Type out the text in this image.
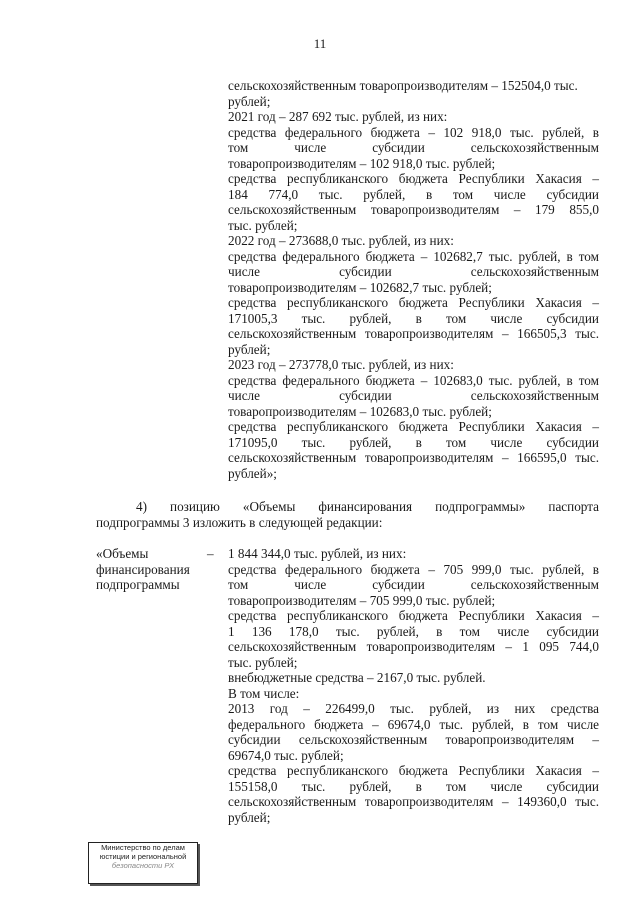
11
сельскохозяйственным товаропроизводителям – 152504,0 тыс.
рублей;
2021 год – 287 692 тыс. рублей, из них:
средства федерального бюджета – 102 918,0 тыс. рублей, в
том числе субсидии сельскохозяйственным
товаропроизводителям – 102 918,0 тыс. рублей;
средства республиканского бюджета Республики Хакасия –
184 774,0 тыс. рублей, в том числе субсидии
сельскохозяйственным товаропроизводителям – 179 855,0
тыс. рублей;
2022 год – 273688,0 тыс. рублей, из них:
средства федерального бюджета – 102682,7 тыс. рублей, в том
числе субсидии сельскохозяйственным
товаропроизводителям – 102682,7 тыс. рублей;
средства республиканского бюджета Республики Хакасия –
171005,3 тыс. рублей, в том числе субсидии
сельскохозяйственным товаропроизводителям – 166505,3 тыс.
рублей;
2023 год – 273778,0 тыс. рублей, из них:
средства федерального бюджета – 102683,0 тыс. рублей, в том
числе субсидии сельскохозяйственным
товаропроизводителям – 102683,0 тыс. рублей;
средства республиканского бюджета Республики Хакасия –
171095,0 тыс. рублей, в том числе субсидии
сельскохозяйственным товаропроизводителям – 166595,0 тыс.
рублей»;
4) позицию «Объемы финансирования подпрограммы» паспорта
подпрограммы 3 изложить в следующей редакции:
«Объемы
финансирования
подпрограммы
– 1 844 344,0 тыс. рублей, из них:
средства федерального бюджета – 705 999,0 тыс. рублей, в
том числе субсидии сельскохозяйственным
товаропроизводителям – 705 999,0 тыс. рублей;
средства республиканского бюджета Республики Хакасия –
1 136 178,0 тыс. рублей, в том числе субсидии
сельскохозяйственным товаропроизводителям – 1 095 744,0
тыс. рублей;
внебюджетные средства – 2167,0 тыс. рублей.
В том числе:
2013 год – 226499,0 тыс. рублей, из них средства
федерального бюджета – 69674,0 тыс. рублей, в том числе
субсидии сельскохозяйственным товаропроизводителям –
69674,0 тыс. рублей;
средства республиканского бюджета Республики Хакасия –
155158,0 тыс. рублей, в том числе субсидии
сельскохозяйственным товаропроизводителям – 149360,0 тыс.
рублей;
Министерство по делам
юстиции и региональной
безопасности РХ
